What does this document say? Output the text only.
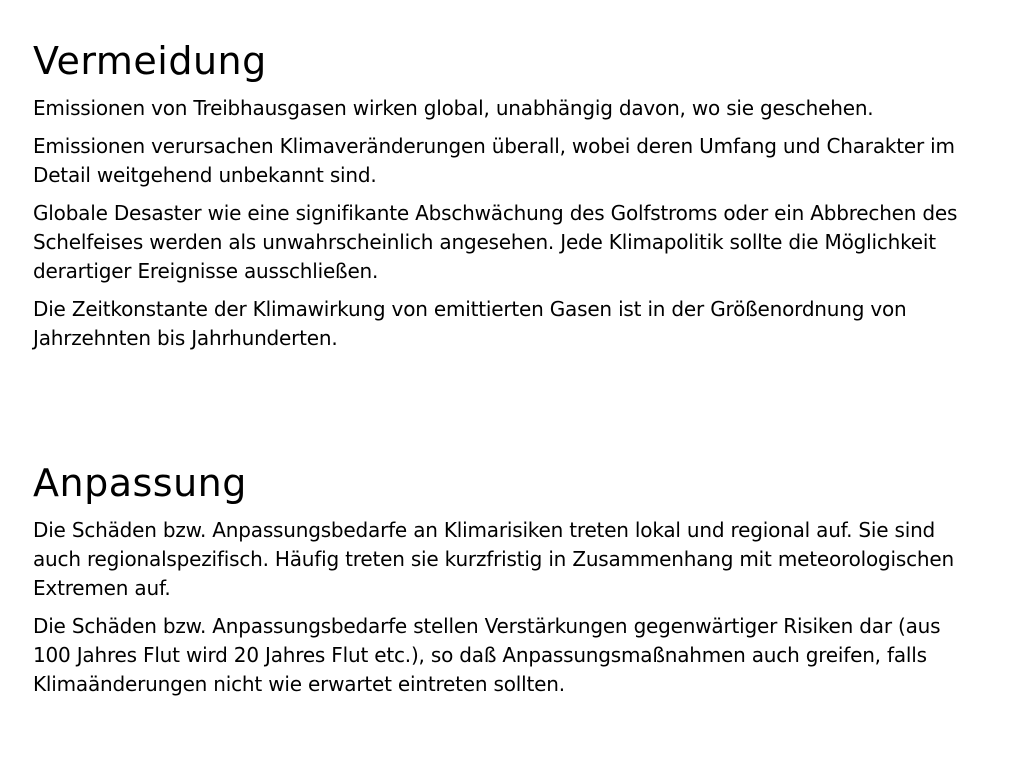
Vermeidung

Emissionen von Treibhausgasen wirken global, unabhängig davon, wo sie geschehen.

Emissionen verursachen Klimaveränderungen überall, wobei deren Umfang und Charakter im Detail weitgehend unbekannt sind.

Globale Desaster wie eine signifikante Abschwächung des Golfstroms oder ein Abbrechen des Schelfeises werden als unwahrscheinlich angesehen. Jede Klimapolitik sollte die Möglichkeit derartiger Ereignisse ausschließen.

Die Zeitkonstante der Klimawirkung von emittierten Gasen ist in der Größenordnung von Jahrzehnten bis Jahrhunderten.

Anpassung

Die Schäden bzw. Anpassungsbedarfe an Klimarisiken treten lokal und regional auf. Sie sind auch regionalspezifisch. Häufig treten sie kurzfristig in Zusammenhang mit meteorologischen Extremen auf.

Die Schäden bzw. Anpassungsbedarfe stellen Verstärkungen gegenwärtiger Risiken dar (aus 100 Jahres Flut wird 20 Jahres Flut etc.), so daß Anpassungsmaßnahmen auch greifen, falls Klimaänderungen nicht wie erwartet eintreten sollten.
